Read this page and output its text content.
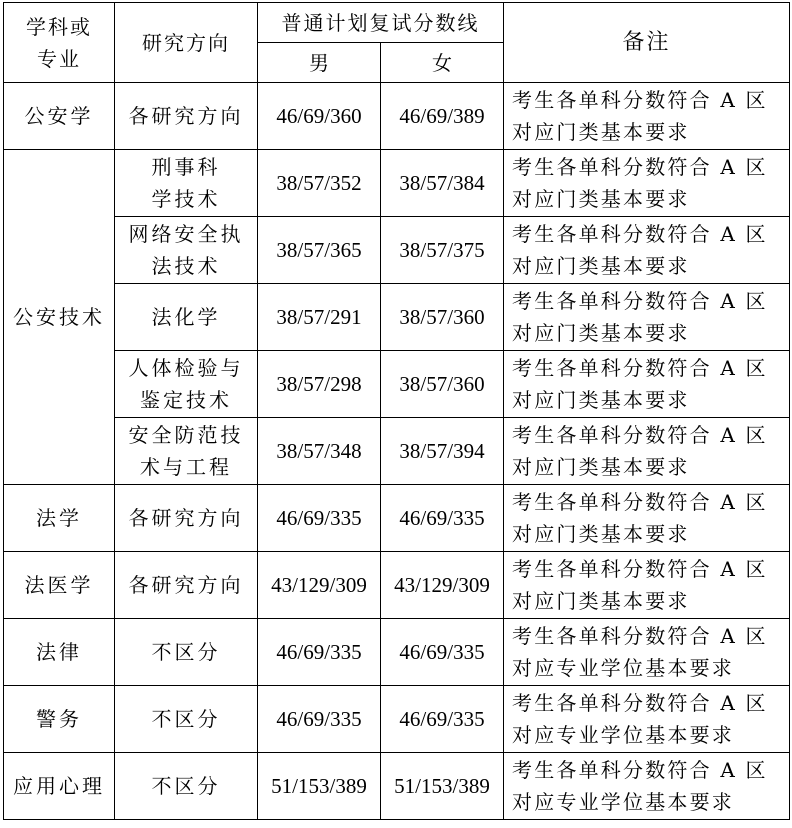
学科或
专业	研究方向	普通计划复试分数线		备注
		男	女	
公安学	各研究方向	46/69/360	46/69/389	考生各单科分数符合 A 区
对应门类基本要求

公安技术	刑事科
学技术	38/57/352	38/57/384	考生各单科分数符合 A 区
对应门类基本要求

	网络安全执
法技术	38/57/365	38/57/375	考生各单科分数符合 A 区
对应门类基本要求

	法化学	38/57/291	38/57/360	考生各单科分数符合 A 区
对应门类基本要求

	人体检验与
鉴定技术	38/57/298	38/57/360	考生各单科分数符合 A 区
对应门类基本要求

	安全防范技
术与工程	38/57/348	38/57/394	考生各单科分数符合 A 区
对应门类基本要求

法学	各研究方向	46/69/335	46/69/335	考生各单科分数符合 A 区
对应门类基本要求

法医学	各研究方向	43/129/309	43/129/309	考生各单科分数符合 A 区
对应门类基本要求

法律	不区分	46/69/335	46/69/335	考生各单科分数符合 A 区
对应专业学位基本要求

警务	不区分	46/69/335	46/69/335	考生各单科分数符合 A 区
对应专业学位基本要求

应用心理	不区分	51/153/389	51/153/389	考生各单科分数符合 A 区
对应专业学位基本要求
